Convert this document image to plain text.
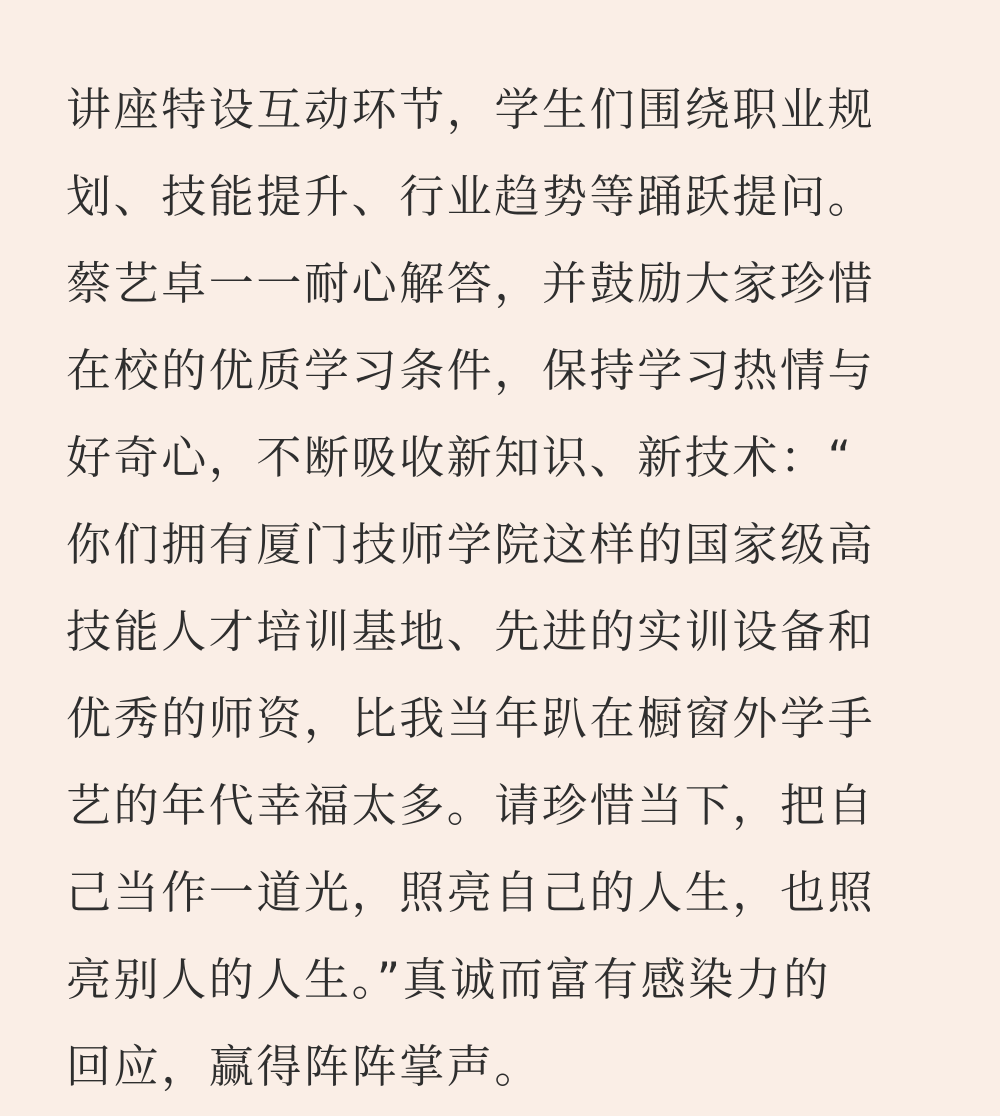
讲座特设互动环节，学生们围绕职业规
划、技能提升、行业趋势等踊跃提问。
蔡艺卓一一耐心解答，并鼓励大家珍惜
在校的优质学习条件，保持学习热情与
好奇心，不断吸收新知识、新技术：“
你们拥有厦门技师学院这样的国家级高
技能人才培训基地、先进的实训设备和
优秀的师资，比我当年趴在橱窗外学手
艺的年代幸福太多。请珍惜当下，把自
己当作一道光，照亮自己的人生，也照
亮别人的人生。”真诚而富有感染力的
回应，赢得阵阵掌声。
